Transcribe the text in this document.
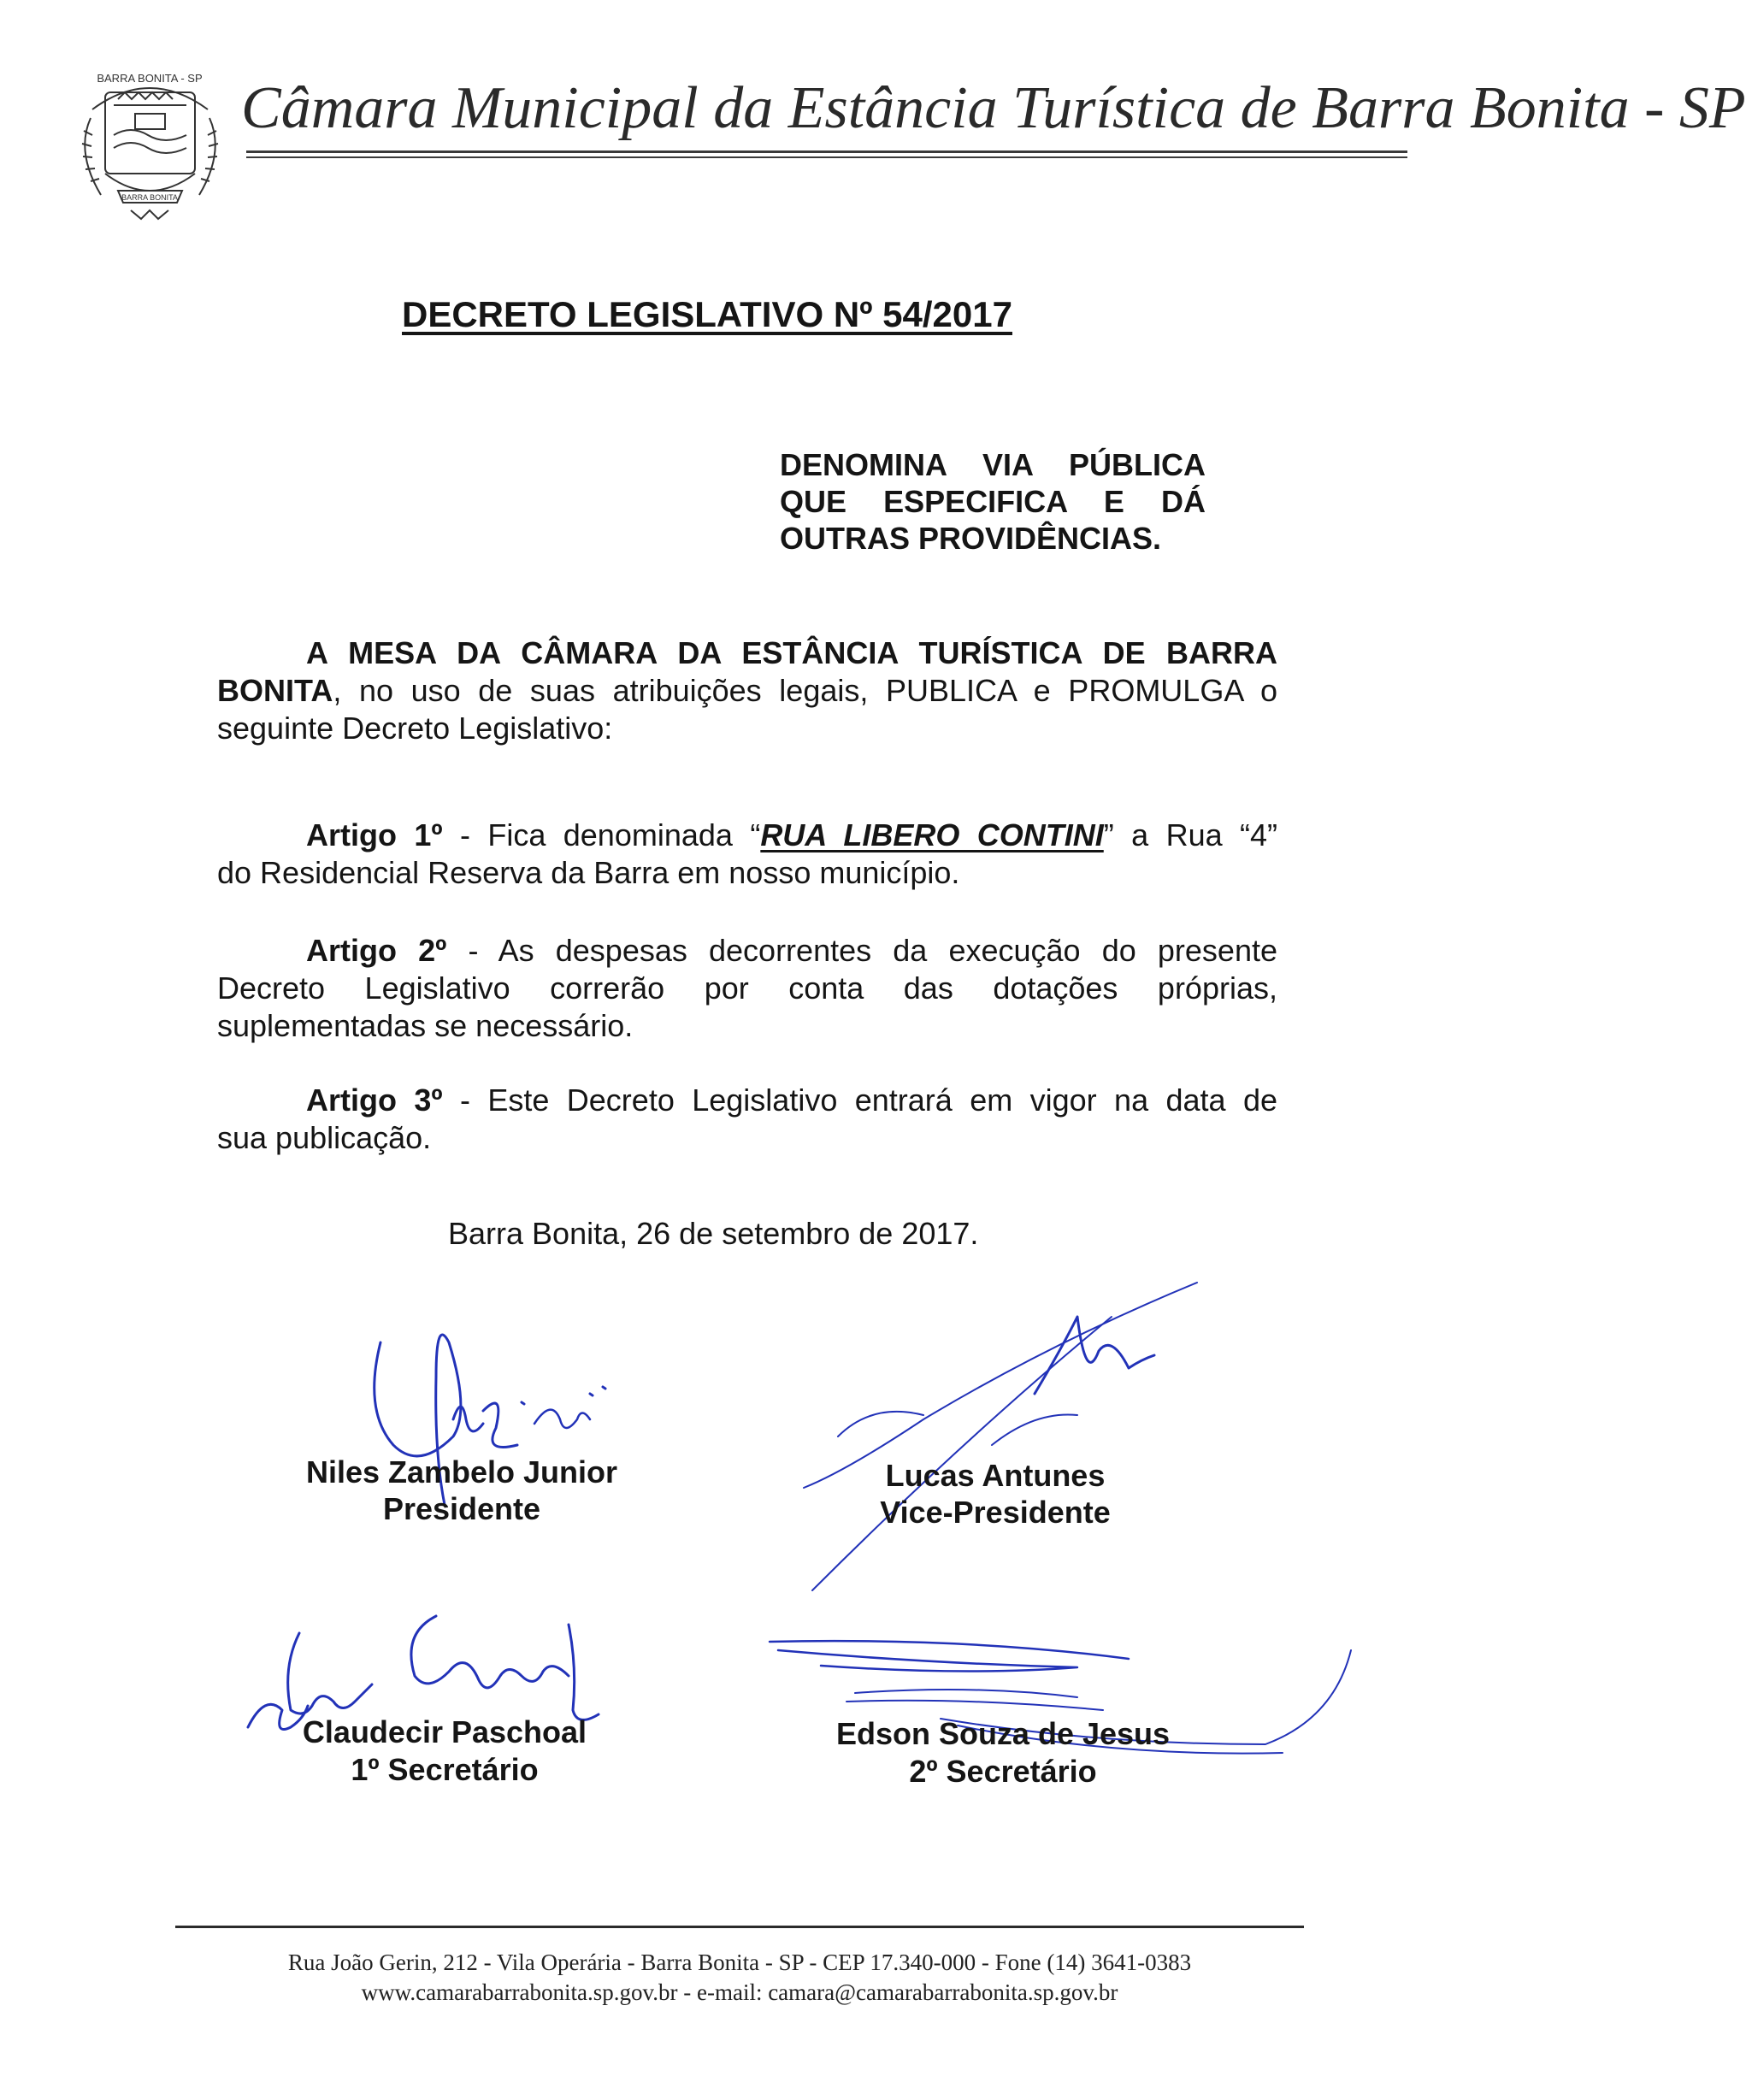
BARRA BONITA - SP
BARRA BONITA
Câmara Municipal da Estância Turística de Barra Bonita - SP
DECRETO LEGISLATIVO Nº 54/2017
DENOMINA VIA PÚBLICA
QUE ESPECIFICA E DÁ
OUTRAS PROVIDÊNCIAS.
A MESA DA CÂMARA DA ESTÂNCIA TURÍSTICA DE BARRA
BONITA, no uso de suas atribuições legais, PUBLICA e PROMULGA o
seguinte Decreto Legislativo:
Artigo 1º - Fica denominada “RUA LIBERO CONTINI” a Rua “4”
do Residencial Reserva da Barra em nosso município.
Artigo 2º - As despesas decorrentes da execução do presente
Decreto Legislativo correrão por conta das dotações próprias,
suplementadas se necessário.
Artigo 3º - Este Decreto Legislativo entrará em vigor na data de
sua publicação.
Barra Bonita, 26 de setembro de 2017.
Niles Zambelo Junior
Presidente
Lucas Antunes
Vice-Presidente
Claudecir Paschoal
1º Secretário
Edson Souza de Jesus
2º Secretário
Rua João Gerin, 212 - Vila Operária - Barra Bonita - SP - CEP 17.340-000 - Fone (14) 3641-0383
www.camarabarrabonita.sp.gov.br - e-mail: camara@camarabarrabonita.sp.gov.br
